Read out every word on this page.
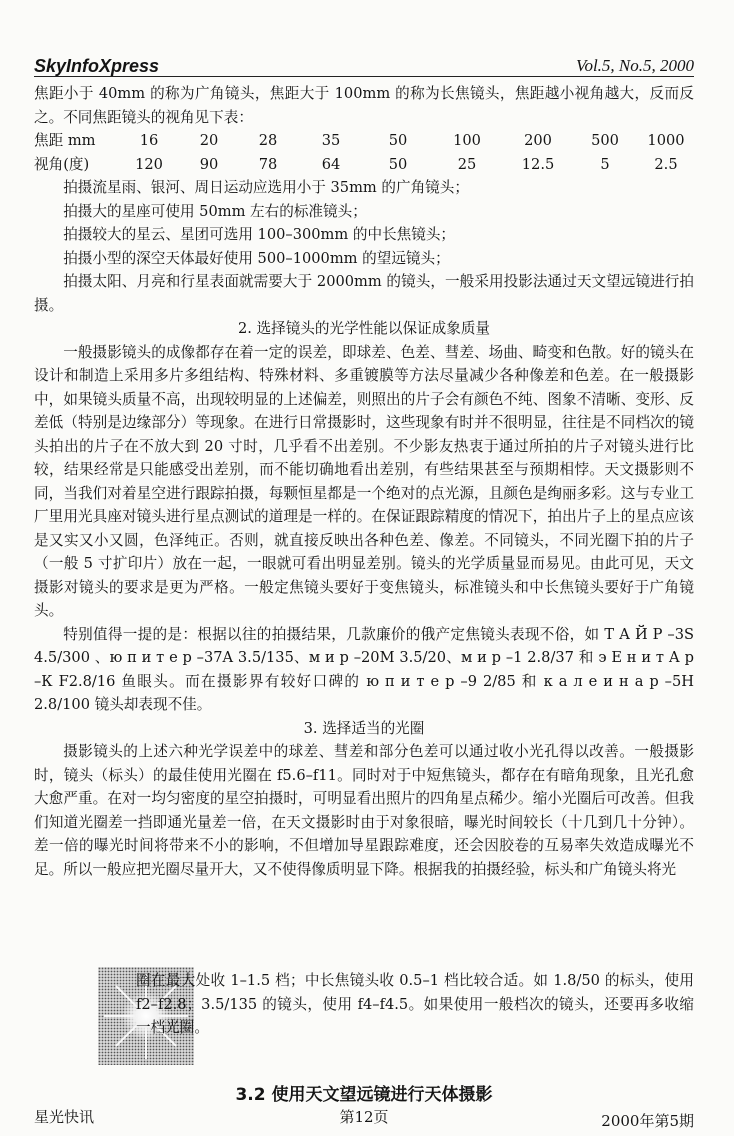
SkyInfoXpress	Vol.5, No.5, 2000

焦距小于 40mm 的称为广角镜头，焦距大于 100mm 的称为长焦镜头，焦距越小视角越大，反而反之。不同焦距镜头的视角见下表：

焦距 mm	16	20	28	35	50	100	200	500	1000
视角(度)	120	90	78	64	50	25	12.5	5	2.5

拍摄流星雨、银河、周日运动应选用小于 35mm 的广角镜头；

拍摄大的星座可使用 50mm 左右的标准镜头；

拍摄较大的星云、星团可选用 100–300mm 的中长焦镜头；

拍摄小型的深空天体最好使用 500–1000mm 的望远镜头；

拍摄太阳、月亮和行星表面就需要大于 2000mm 的镜头，一般采用投影法通过天文望远镜进行拍摄。

2. 选择镜头的光学性能以保证成象质量

一般摄影镜头的成像都存在着一定的误差，即球差、色差、彗差、场曲、畸变和色散。好的镜头在设计和制造上采用多片多组结构、特殊材料、多重镀膜等方法尽量减少各种像差和色差。在一般摄影中，如果镜头质量不高，出现较明显的上述偏差，则照出的片子会有颜色不纯、图象不清晰、变形、反差低（特别是边缘部分）等现象。在进行日常摄影时，这些现象有时并不很明显，往往是不同档次的镜头拍出的片子在不放大到 20 寸时，几乎看不出差别。不少影友热衷于通过所拍的片子对镜头进行比较，结果经常是只能感受出差别，而不能切确地看出差别，有些结果甚至与预期相悖。天文摄影则不同，当我们对着星空进行跟踪拍摄，每颗恒星都是一个绝对的点光源，且颜色是绚丽多彩。这与专业工厂里用光具座对镜头进行星点测试的道理是一样的。在保证跟踪精度的情况下，拍出片子上的星点应该是又实又小又圆，色泽纯正。否则，就直接反映出各种色差、像差。不同镜头，不同光圈下拍的片子（一般 5 寸扩印片）放在一起，一眼就可看出明显差别。镜头的光学质量显而易见。由此可见，天文摄影对镜头的要求是更为严格。一般定焦镜头要好于变焦镜头，标准镜头和中长焦镜头要好于广角镜头。

特别值得一提的是：根据以往的拍摄结果，几款廉价的俄产定焦镜头表现不俗，如 Т А Й Р –3S 4.5/300 、ю п и т е р –37A 3.5/135、м и р –20M 3.5/20、м и р –1 2.8/37 和 э Е н и т А р –К F2.8/16 鱼眼头。而在摄影界有较好口碑的 ю п и т е р –9 2/85 和 к а л е и н а р –5H 2.8/100 镜头却表现不佳。

3. 选择适当的光圈

摄影镜头的上述六种光学误差中的球差、彗差和部分色差可以通过收小光孔得以改善。一般摄影时，镜头（标头）的最佳使用光圈在 f5.6–f11。同时对于中短焦镜头，都存在有暗角现象，且光孔愈大愈严重。在对一均匀密度的星空拍摄时，可明显看出照片的四角星点稀少。缩小光圈后可改善。但我们知道光圈差一挡即通光量差一倍，在天文摄影时由于对象很暗，曝光时间较长（十几到几十分钟）。差一倍的曝光时间将带来不小的影响，不但增加导星跟踪难度，还会因胶卷的互易率失效造成曝光不足。所以一般应把光圈尽量开大，又不使得像质明显下降。根据我的拍摄经验，标头和广角镜头将光

圈在最大处收 1–1.5 档；中长焦镜头收 0.5–1 档比较合适。如 1.8/50 的标头，使用 f2–f2.8；3.5/135 的镜头，使用 f4–f4.5。如果使用一般档次的镜头，还要再多收缩一档光圈。

3.2 使用天文望远镜进行天体摄影
星光快讯	第12页	2000年第5期
